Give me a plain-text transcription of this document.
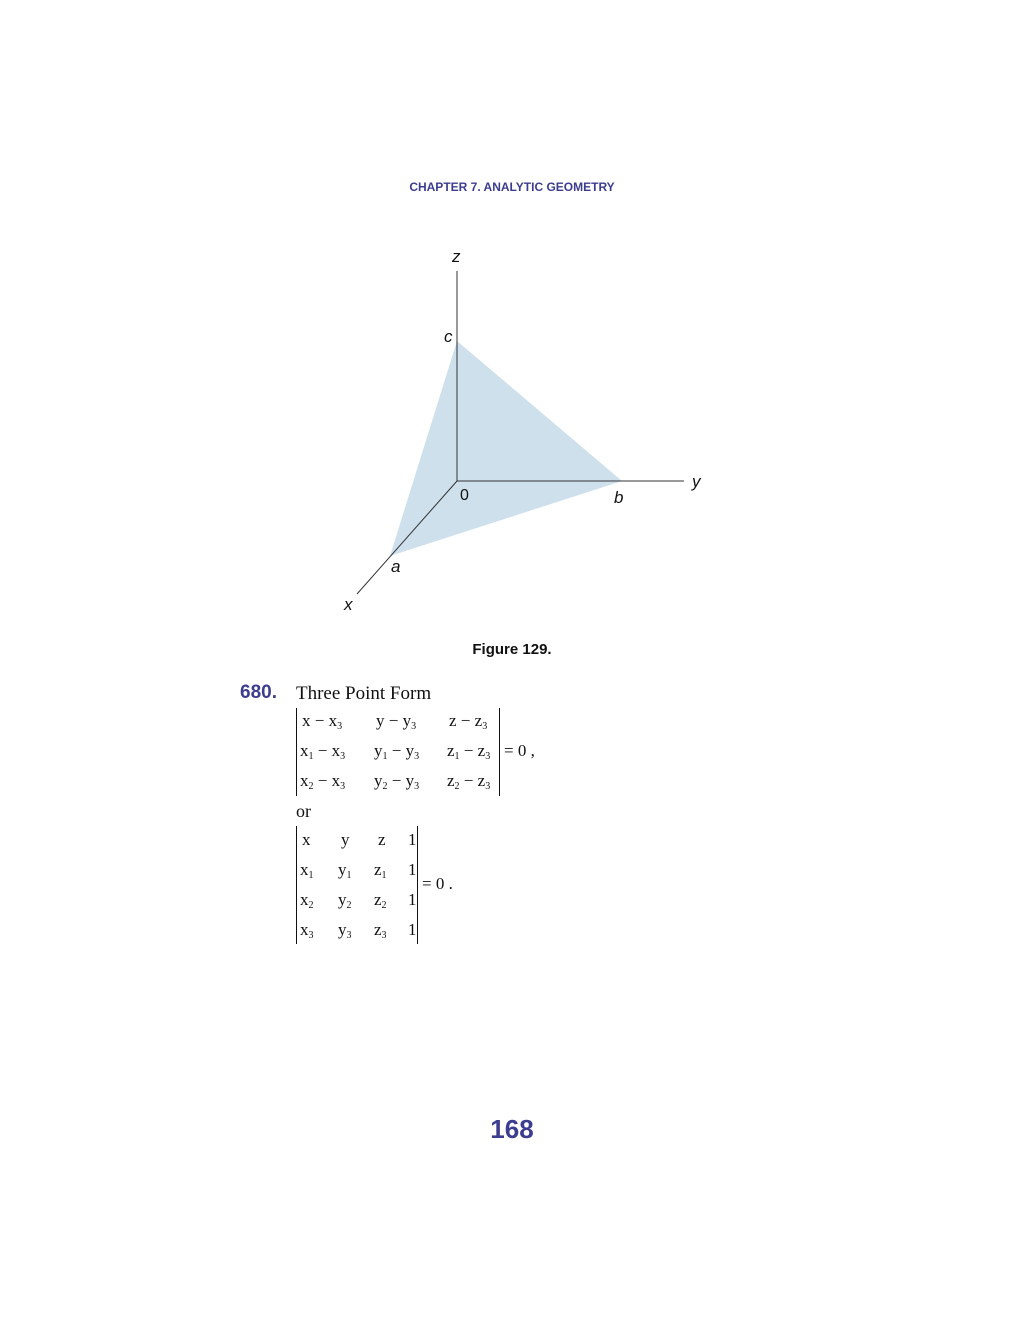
CHAPTER 7. ANALYTIC GEOMETRY
z
y
x
0
c
b
a
Figure 129.
680. Three Point Form
$x - x_3$ $y - y_3$ $z - z_3$
$x_1 - x_3$ $y_1 - y_3$ $z_1 - z_3$
$x_2 - x_3$ $y_2 - y_3$ $z_2 - z_3$
= 0 ,
or
x y z 1
$x_1$ $y_1$ $z_1$ 1
$x_2$ $y_2$ $z_2$ 1
$x_3$ $y_3$ $z_3$ 1
= 0 .
168
